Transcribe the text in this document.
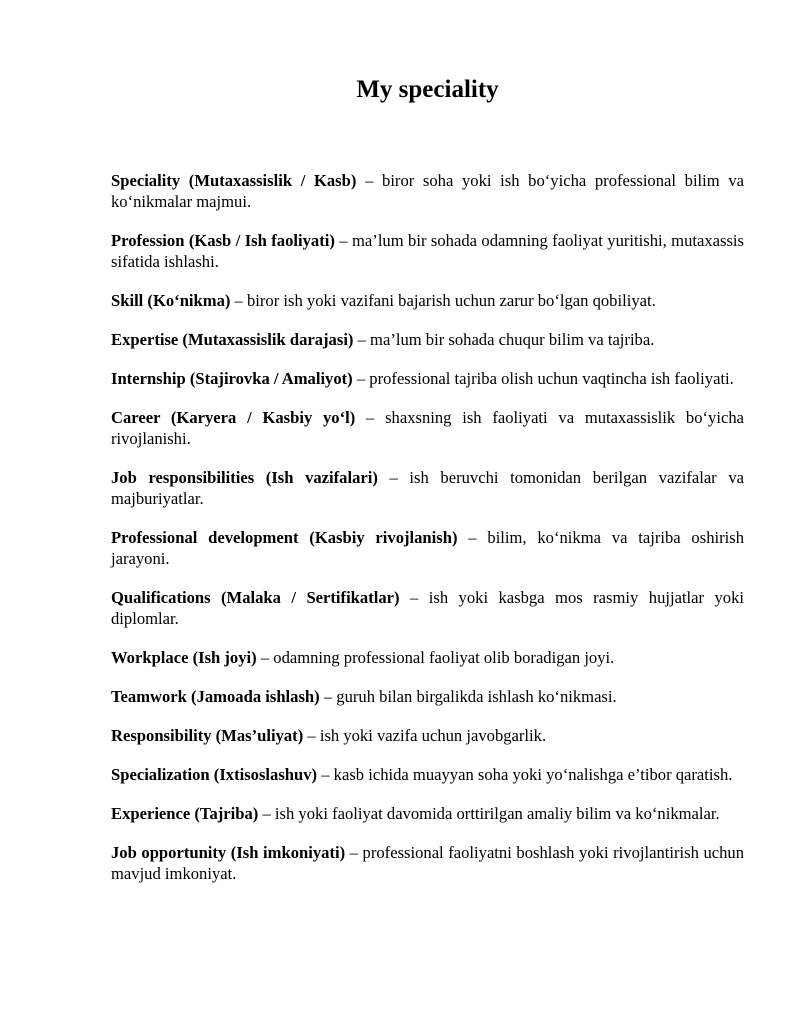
My speciality

Speciality (Mutaxassislik / Kasb) – biror soha yoki ish bo‘yicha professional bilim va ko‘nikmalar majmui.

Profession (Kasb / Ish faoliyati) – ma’lum bir sohada odamning faoliyat yuritishi, mutaxassis sifatida ishlashi.

Skill (Ko‘nikma) – biror ish yoki vazifani bajarish uchun zarur bo‘lgan qobiliyat.

Expertise (Mutaxassislik darajasi) – ma’lum bir sohada chuqur bilim va tajriba.

Internship (Stajirovka / Amaliyot) – professional tajriba olish uchun vaqtincha ish faoliyati.

Career (Karyera / Kasbiy yo‘l) – shaxsning ish faoliyati va mutaxassislik bo‘yicha rivojlanishi.

Job responsibilities (Ish vazifalari) – ish beruvchi tomonidan berilgan vazifalar va majburiyatlar.

Professional development (Kasbiy rivojlanish) – bilim, ko‘nikma va tajriba oshirish jarayoni.

Qualifications (Malaka / Sertifikatlar) – ish yoki kasbga mos rasmiy hujjatlar yoki diplomlar.

Workplace (Ish joyi) – odamning professional faoliyat olib boradigan joyi.

Teamwork (Jamoada ishlash) – guruh bilan birgalikda ishlash ko‘nikmasi.

Responsibility (Mas’uliyat) – ish yoki vazifa uchun javobgarlik.

Specialization (Ixtisoslashuv) – kasb ichida muayyan soha yoki yo‘nalishga e’tibor qaratish.

Experience (Tajriba) – ish yoki faoliyat davomida orttirilgan amaliy bilim va ko‘nikmalar.

Job opportunity (Ish imkoniyati) – professional faoliyatni boshlash yoki rivojlantirish uchun mavjud imkoniyat.
